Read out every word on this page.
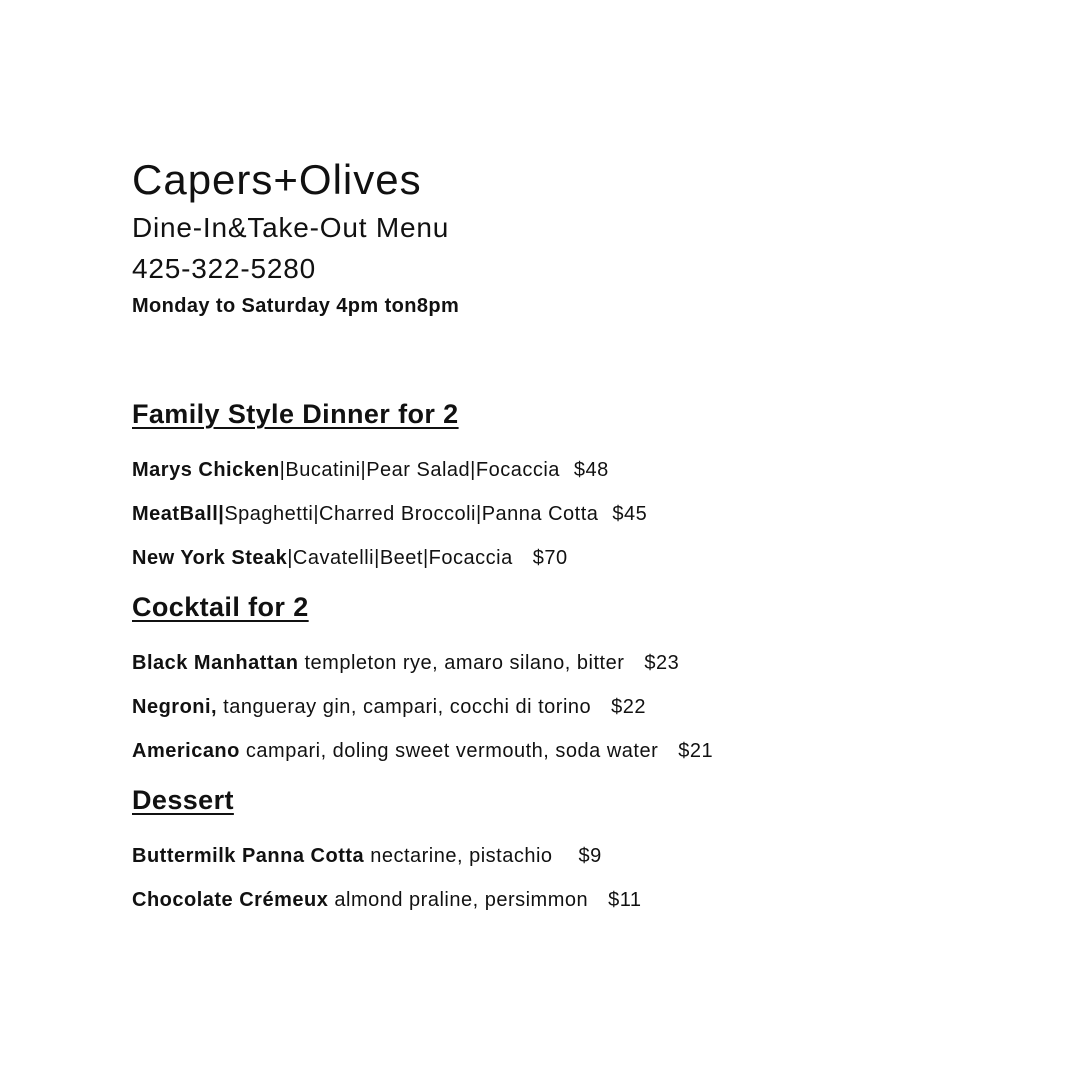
Capers+Olives
Dine-In&Take-Out Menu
425-322-5280
Monday to Saturday 4pm ton8pm
Family Style Dinner for 2
Marys Chicken|Bucatini|Pear Salad|Focaccia $48
MeatBall|Spaghetti|Charred Broccoli|Panna Cotta $45
New York Steak|Cavatelli|Beet|Focaccia $70
Cocktail for 2
Black Manhattan templeton rye, amaro silano, bitter $23
Negroni, tangueray gin, campari, cocchi di torino $22
Americano campari, doling sweet vermouth, soda water $21
Dessert
Buttermilk Panna Cotta nectarine, pistachio $9
Chocolate Crémeux almond praline, persimmon $11
